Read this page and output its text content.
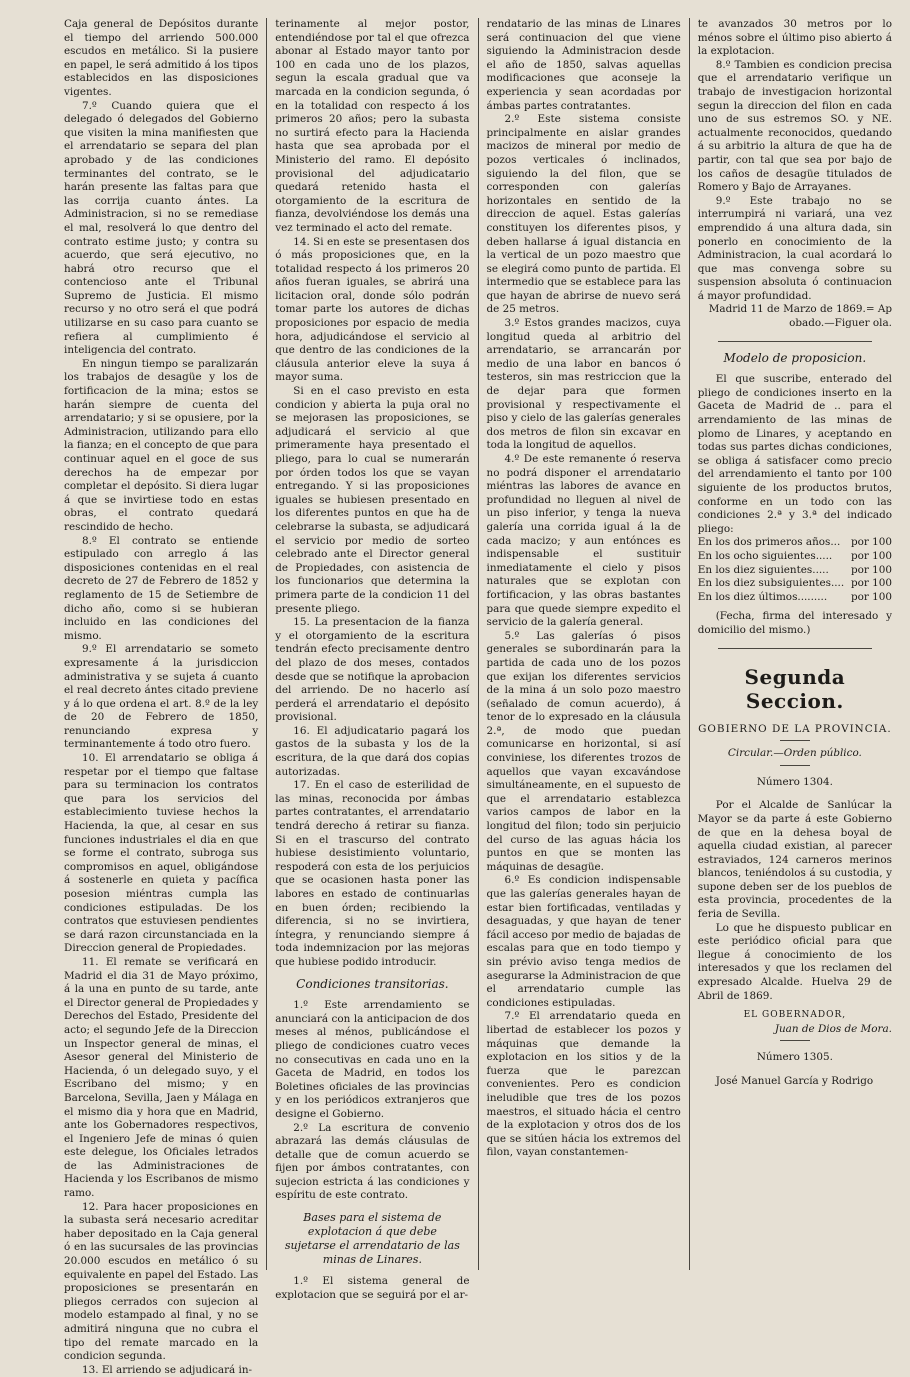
Caja general de Depósitos durante el tiempo del arriendo 500.000 escudos en metálico. Si la pusiere en papel, le será admitido á los tipos establecidos en las disposiciones vigentes.

7.º Cuando quiera que el delegado ó delegados del Gobierno que visiten la mina manifiesten que el arrendatario se separa del plan aprobado y de las condiciones terminantes del contrato, se le harán presente las faltas para que las corrija cuanto ántes. La Administracion, si no se remediase el mal, resolverá lo que dentro del contrato estime justo; y contra su acuerdo, que será ejecutivo, no habrá otro recurso que el contencioso ante el Tribunal Supremo de Justicia. El mismo recurso y no otro será el que podrá utilizarse en su caso para cuanto se refiera al cumplimiento é inteligencia del contrato.

En ningun tiempo se paralizarán los trabajos de desagüe y los de fortificacion de la mina; estos se harán siempre de cuenta del arrendatario; y si se opusiere, por la Administracion, utilizando para ello la fianza; en el concepto de que para continuar aquel en el goce de sus derechos ha de empezar por completar el depósito. Si diera lugar á que se invirtiese todo en estas obras, el contrato quedará rescindido de hecho.

8.º El contrato se entiende estipulado con arreglo á las disposiciones contenidas en el real decreto de 27 de Febrero de 1852 y reglamento de 15 de Setiembre de dicho año, como si se hubieran incluido en las condiciones del mismo.

9.º El arrendatario se someto expresamente á la jurisdiccion administrativa y se sujeta á cuanto el real decreto ántes citado previene y á lo que ordena el art. 8.º de la ley de 20 de Febrero de 1850, renunciando expresa y terminantemente á todo otro fuero.

10. El arrendatario se obliga á respetar por el tiempo que faltase para su terminacion los contratos que para los servicios del establecimiento tuviese hechos la Hacienda, la que, al cesar en sus funciones industriales el dia en que se forme el contrato, subroga sus compromisos en aquel, obligándose á sostenerle en quieta y pacífica posesion miéntras cumpla las condiciones estipuladas. De los contratos que estuviesen pendientes se dará razon circunstanciada en la Direccion general de Propiedades.

11. El remate se verificará en Madrid el dia 31 de Mayo próximo, á la una en punto de su tarde, ante el Director general de Propiedades y Derechos del Estado, Presidente del acto; el segundo Jefe de la Direccion un Inspector general de minas, el Asesor general del Ministerio de Hacienda, ó un delegado suyo, y el Escribano del mismo; y en Barcelona, Sevilla, Jaen y Málaga en el mismo dia y hora que en Madrid, ante los Gobernadores respectivos, el Ingeniero Jefe de minas ó quien este delegue, los Oficiales letrados de las Administraciones de Hacienda y los Escribanos de mismo ramo.

12. Para hacer proposiciones en la subasta será necesario acreditar haber depositado en la Caja general ó en las sucursales de las provincias 20.000 escudos en metálico ó su equivalente en papel del Estado. Las proposiciones se presentarán en pliegos cerrados con sujecion al modelo estampado al final, y no se admitirá ninguna que no cubra el tipo del remate marcado en la condicion segunda.

13. El arriendo se adjudicará in-

terinamente al mejor postor, entendiéndose por tal el que ofrezca abonar al Estado mayor tanto por 100 en cada uno de los plazos, segun la escala gradual que va marcada en la condicion segunda, ó en la totalidad con respecto á los primeros 20 años; pero la subasta no surtirá efecto para la Hacienda hasta que sea aprobada por el Ministerio del ramo. El depósito provisional del adjudicatario quedará retenido hasta el otorgamiento de la escritura de fianza, devolviéndose los demás una vez terminado el acto del remate.

14. Si en este se presentasen dos ó más proposiciones que, en la totalidad respecto á los primeros 20 años fueran iguales, se abrirá una licitacion oral, donde sólo podrán tomar parte los autores de dichas proposiciones por espacio de media hora, adjudicándose el servicio al que dentro de las condiciones de la cláusula anterior eleve la suya á mayor suma.

Si en el caso previsto en esta condicion y abierta la puja oral no se mejorasen las proposiciones, se adjudicará el servicio al que primeramente haya presentado el pliego, para lo cual se numerarán por órden todos los que se vayan entregando. Y si las proposiciones iguales se hubiesen presentado en los diferentes puntos en que ha de celebrarse la subasta, se adjudicará el servicio por medio de sorteo celebrado ante el Director general de Propiedades, con asistencia de los funcionarios que determina la primera parte de la condicion 11 del presente pliego.

15. La presentacion de la fianza y el otorgamiento de la escritura tendrán efecto precisamente dentro del plazo de dos meses, contados desde que se notifique la aprobacion del arriendo. De no hacerlo así perderá el arrendatario el depósito provisional.

16. El adjudicatario pagará los gastos de la subasta y los de la escritura, de la que dará dos copias autorizadas.

17. En el caso de esterilidad de las minas, reconocida por ámbas partes contratantes, el arrendatario tendrá derecho á retirar su fianza. Si en el trascurso del contrato hubiese desistimiento voluntario, respoderá con esta de los perjuicios que se ocasionen hasta poner las labores en estado de continuarlas en buen órden; recibiendo la diferencia, si no se invirtiera, íntegra, y renunciando siempre á toda indemnizacion por las mejoras que hubiese podido introducir.

Condiciones transitorias.

1.º Este arrendamiento se anunciará con la anticipacion de dos meses al ménos, publicándose el pliego de condiciones cuatro veces no consecutivas en cada uno en la Gaceta de Madrid, en todos los Boletines oficiales de las provincias y en los periódicos extranjeros que designe el Gobierno.

2.º La escritura de convenio abrazará las demás cláusulas de detalle que de comun acuerdo se fijen por ámbos contratantes, con sujecion estricta á las condiciones y espíritu de este contrato.

Bases para el sistema de explotacion á que debe sujetarse el arrendatario de las minas de Linares.

1.º El sistema general de explotacion que se seguirá por el ar-

rendatario de las minas de Linares será continuacion del que viene siguiendo la Administracion desde el año de 1850, salvas aquellas modificaciones que aconseje la experiencia y sean acordadas por ámbas partes contratantes.

2.º Este sistema consiste principalmente en aislar grandes macizos de mineral por medio de pozos verticales ó inclinados, siguiendo la del filon, que se corresponden con galerías horizontales en sentido de la direccion de aquel. Estas galerías constituyen los diferentes pisos, y deben hallarse á igual distancia en la vertical de un pozo maestro que se elegirá como punto de partida. El intermedio que se establece para las que hayan de abrirse de nuevo será de 25 metros.

3.º Estos grandes macizos, cuya longitud queda al arbitrio del arrendatario, se arrancarán por medio de una labor en bancos ó testeros, sin mas restriccion que la de dejar para que formen provisional y respectivamente el piso y cielo de las galerías generales dos metros de filon sin excavar en toda la longitud de aquellos.

4.º De este remanente ó reserva no podrá disponer el arrendatario miéntras las labores de avance en profundidad no lleguen al nivel de un piso inferior, y tenga la nueva galería una corrida igual á la de cada macizo; y aun entónces es indispensable el sustituir inmediatamente el cielo y pisos naturales que se explotan con fortificacion, y las obras bastantes para que quede siempre expedito el servicio de la galería general.

5.º Las galerías ó pisos generales se subordinarán para la partida de cada uno de los pozos que exijan los diferentes servicios de la mina á un solo pozo maestro (señalado de comun acuerdo), á tenor de lo expresado en la cláusula 2.ª, de modo que puedan comunicarse en horizontal, si así conviniese, los diferentes trozos de aquellos que vayan excavándose simultáneamente, en el supuesto de que el arrendatario establezca varios campos de labor en la longitud del filon; todo sin perjuicio del curso de las aguas hácia los puntos en que se monten las máquinas de desagüe.

6.º Es condicion indispensable que las galerías generales hayan de estar bien fortificadas, ventiladas y desaguadas, y que hayan de tener fácil acceso por medio de bajadas de escalas para que en todo tiempo y sin prévio aviso tenga medios de asegurarse la Administracion de que el arrendatario cumple las condiciones estipuladas.

7.º El arrendatario queda en libertad de establecer los pozos y máquinas que demande la explotacion en los sitios y de la fuerza que le parezcan convenientes. Pero es condicion ineludible que tres de los pozos maestros, el situado hácia el centro de la explotacion y otros dos de los que se sitúen hácia los extremos del filon, vayan constantemen-

te avanzados 30 metros por lo ménos sobre el último piso abierto á la explotacion.

8.º Tambien es condicion precisa que el arrendatario verifique un trabajo de investigacion horizontal segun la direccion del filon en cada uno de sus estremos SO. y NE. actualmente reconocidos, quedando á su arbitrio la altura de que ha de partir, con tal que sea por bajo de los caños de desagüe titulados de Romero y Bajo de Arrayanes.

9.º Este trabajo no se interrumpirá ni variará, una vez emprendido á una altura dada, sin ponerlo en conocimiento de la Administracion, la cual acordará lo que mas convenga sobre su suspension absoluta ó continuacion á mayor profundidad.

Madrid 11 de Marzo de 1869.= Ap obado.—Figuer ola.

Modelo de proposicion.

El que suscribe, enterado del pliego de condiciones inserto en la Gaceta de Madrid de .. para el arrendamiento de las minas de plomo de Linares, y aceptando en todas sus partes dichas condiciones, se obliga á satisfacer como precio del arrendamiento el tanto por 100 siguiente de los productos brutos, conforme en un todo con las condiciones 2.ª y 3.ª del indicado pliego:

En los dos primeros años... por 100
En los ocho siguientes..... por 100
En los diez siguientes..... por 100
En los diez subsiguientes.... por 100
En los diez últimos......... por 100

(Fecha, firma del interesado y domicilio del mismo.)

Segunda Seccion.

GOBIERNO DE LA PROVINCIA.

Circular.—Orden público.

Número 1304.

Por el Alcalde de Sanlúcar la Mayor se da parte á este Gobierno de que en la dehesa boyal de aquella ciudad existian, al parecer estraviados, 124 carneros merinos blancos, teniéndolos á su custodia, y supone deben ser de los pueblos de esta provincia, procedentes de la feria de Sevilla.

Lo que he dispuesto publicar en este periódico oficial para que llegue á conocimiento de los interesados y que los reclamen del expresado Alcalde. Huelva 29 de Abril de 1869.

EL GOBERNADOR,

Juan de Dios de Mora.

Número 1305.

José Manuel García y Rodrigo
